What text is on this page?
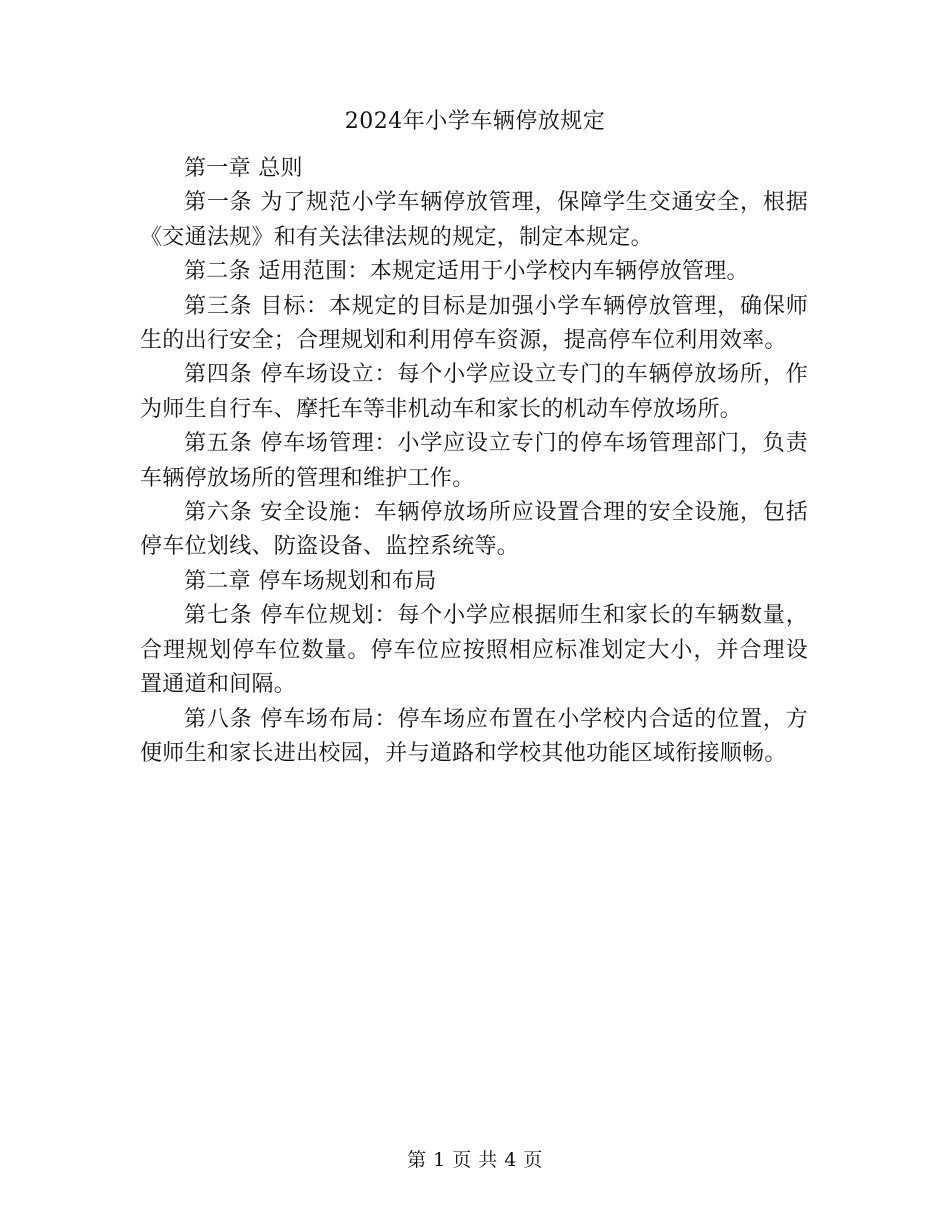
2024年小学车辆停放规定

第一章 总则

第一条 为了规范小学车辆停放管理，保障学生交通安全，根据《交通法规》和有关法律法规的规定，制定本规定。

第二条 适用范围：本规定适用于小学校内车辆停放管理。

第三条 目标：本规定的目标是加强小学车辆停放管理，确保师生的出行安全；合理规划和利用停车资源，提高停车位利用效率。

第四条 停车场设立：每个小学应设立专门的车辆停放场所，作为师生自行车、摩托车等非机动车和家长的机动车停放场所。

第五条 停车场管理：小学应设立专门的停车场管理部门，负责车辆停放场所的管理和维护工作。

第六条 安全设施：车辆停放场所应设置合理的安全设施，包括停车位划线、防盗设备、监控系统等。

第二章 停车场规划和布局

第七条 停车位规划：每个小学应根据师生和家长的车辆数量，合理规划停车位数量。停车位应按照相应标准划定大小，并合理设置通道和间隔。

第八条 停车场布局：停车场应布置在小学校内合适的位置，方便师生和家长进出校园，并与道路和学校其他功能区域衔接顺畅。

第 1 页 共 4 页
